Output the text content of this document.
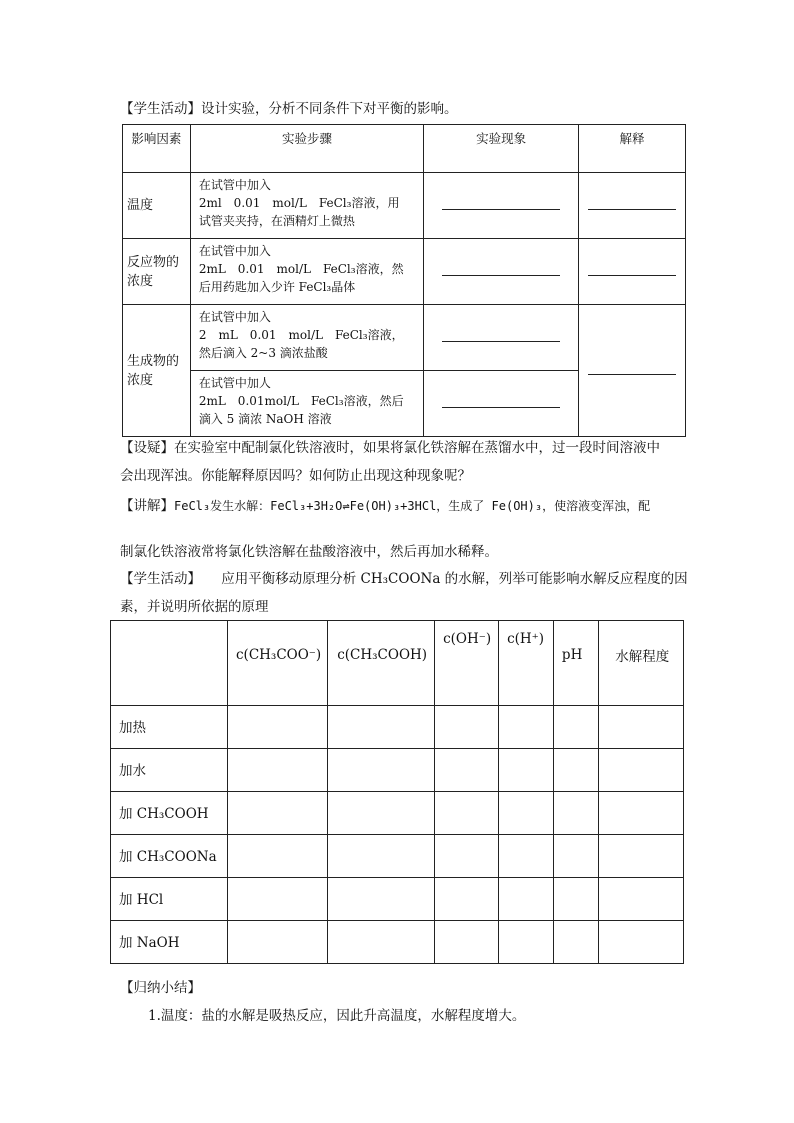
【学生活动】设计实验，分析不同条件下对平衡的影响。
影响因素	实验步骤	实验现象	解释
温度	在试管中加入
2ml　0.01　mol/L　FeCl₃溶液，用
试管夹夹持，在酒精灯上微热		

反应物的浓度	在试管中加入
2mL　0.01　mol/L　FeCl₃溶液，然
后用药匙加入少许 FeCl₃晶体		

生成物的浓度	在试管中加入
2　mL　0.01　mol/L　FeCl₃溶液，
然后滴入 2~3 滴浓盐酸		

	在试管中加人
2mL　0.01mol/L　FeCl₃溶液，然后
滴入 5 滴浓 NaOH 溶液		

【设疑】在实验室中配制氯化铁溶液时，如果将氯化铁溶解在蒸馏水中，过一段时间溶液中
会出现浑浊。你能解释原因吗？如何防止出现这种现象呢？
【讲解】FeCl₃发生水解：FeCl₃+3H₂O⇌Fe(OH)₃+3HCl，生成了 Fe(OH)₃，使溶液变浑浊，配
制氯化铁溶液常将氯化铁溶解在盐酸溶液中，然后再加水稀释。
【学生活动】　　应用平衡移动原理分析 CH₃COONa 的水解，列举可能影响水解反应程度的因
素，并说明所依据的原理
	c(CH₃COO⁻)	c(CH₃COOH)	c(OH⁻)	c(H⁺)	pH	水解程度
加热						
加水						
加 CH₃COOH						
加 CH₃COONa						
加 HCl						
加 NaOH						
【归纳小结】
1.温度：盐的水解是吸热反应，因此升高温度，水解程度增大。
